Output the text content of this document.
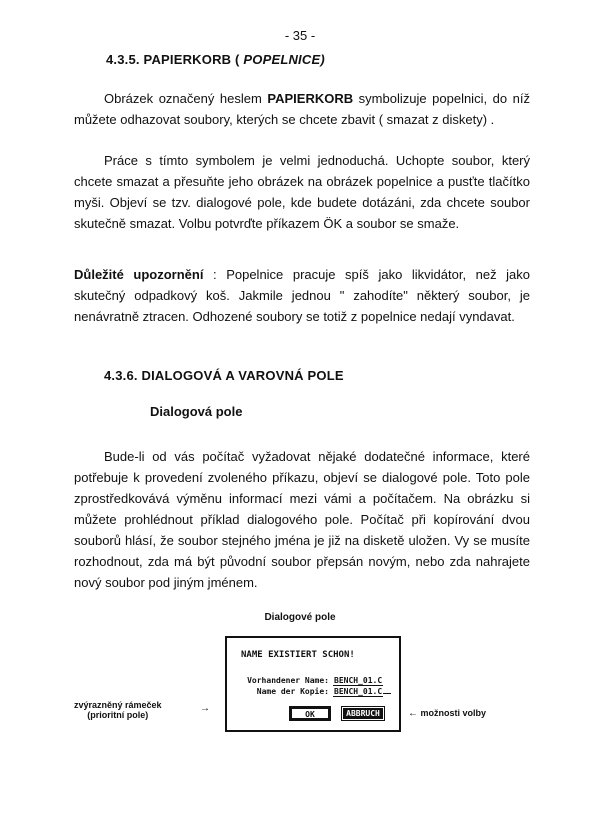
- 35 -
4.3.5. PAPIERKORB ( POPELNICE)

Obrázek označený heslem PAPIERKORB symbolizuje popelnici, do níž můžete odhazovat soubory, kterých se chcete zbavit ( smazat z diskety) .

Práce s tímto symbolem je velmi jednoduchá. Uchopte soubor, který chcete smazat a přesuňte jeho obrázek na obrázek popelnice a pusťte tlačítko myši. Objeví se tzv. dialogové pole, kde budete dotázáni, zda chcete soubor skutečně smazat. Volbu potvrďte příkazem ÖK a soubor se smaže.

Důležité upozornění : Popelnice pracuje spíš jako likvidátor, než jako skutečný odpadkový koš. Jakmile jednou " zahodíte" některý soubor, je nenávratně ztracen. Odhozené soubory se totiž z popelnice nedají vyndavat.

4.3.6. DIALOGOVÁ A VAROVNÁ POLE
Dialogová pole

Bude-li od vás počítač vyžadovat nějaké dodatečné informace, které potřebuje k provedení zvoleného příkazu, objeví se dialogové pole. Toto pole zprostředkovává výměnu informací mezi vámi a počítačem. Na obrázku si můžete prohlédnout příklad dialogového pole. Počítač při kopírování dvou souborů hlásí, že soubor stejného jména je již na disketě uložen. Vy se musíte rozhodnout, zda má být původní soubor přepsán novým, nebo zda nahrajete nový soubor pod jiným jménem.

Dialogové pole
NAME EXISTIERT SCHON!
Vorhandener Name: BENCH_01.C
Name der Kopie: BENCH_01.C
OK	ABBRUCH
zvýrazněný rámeček
(prioritní pole)
→	← možnosti volby
